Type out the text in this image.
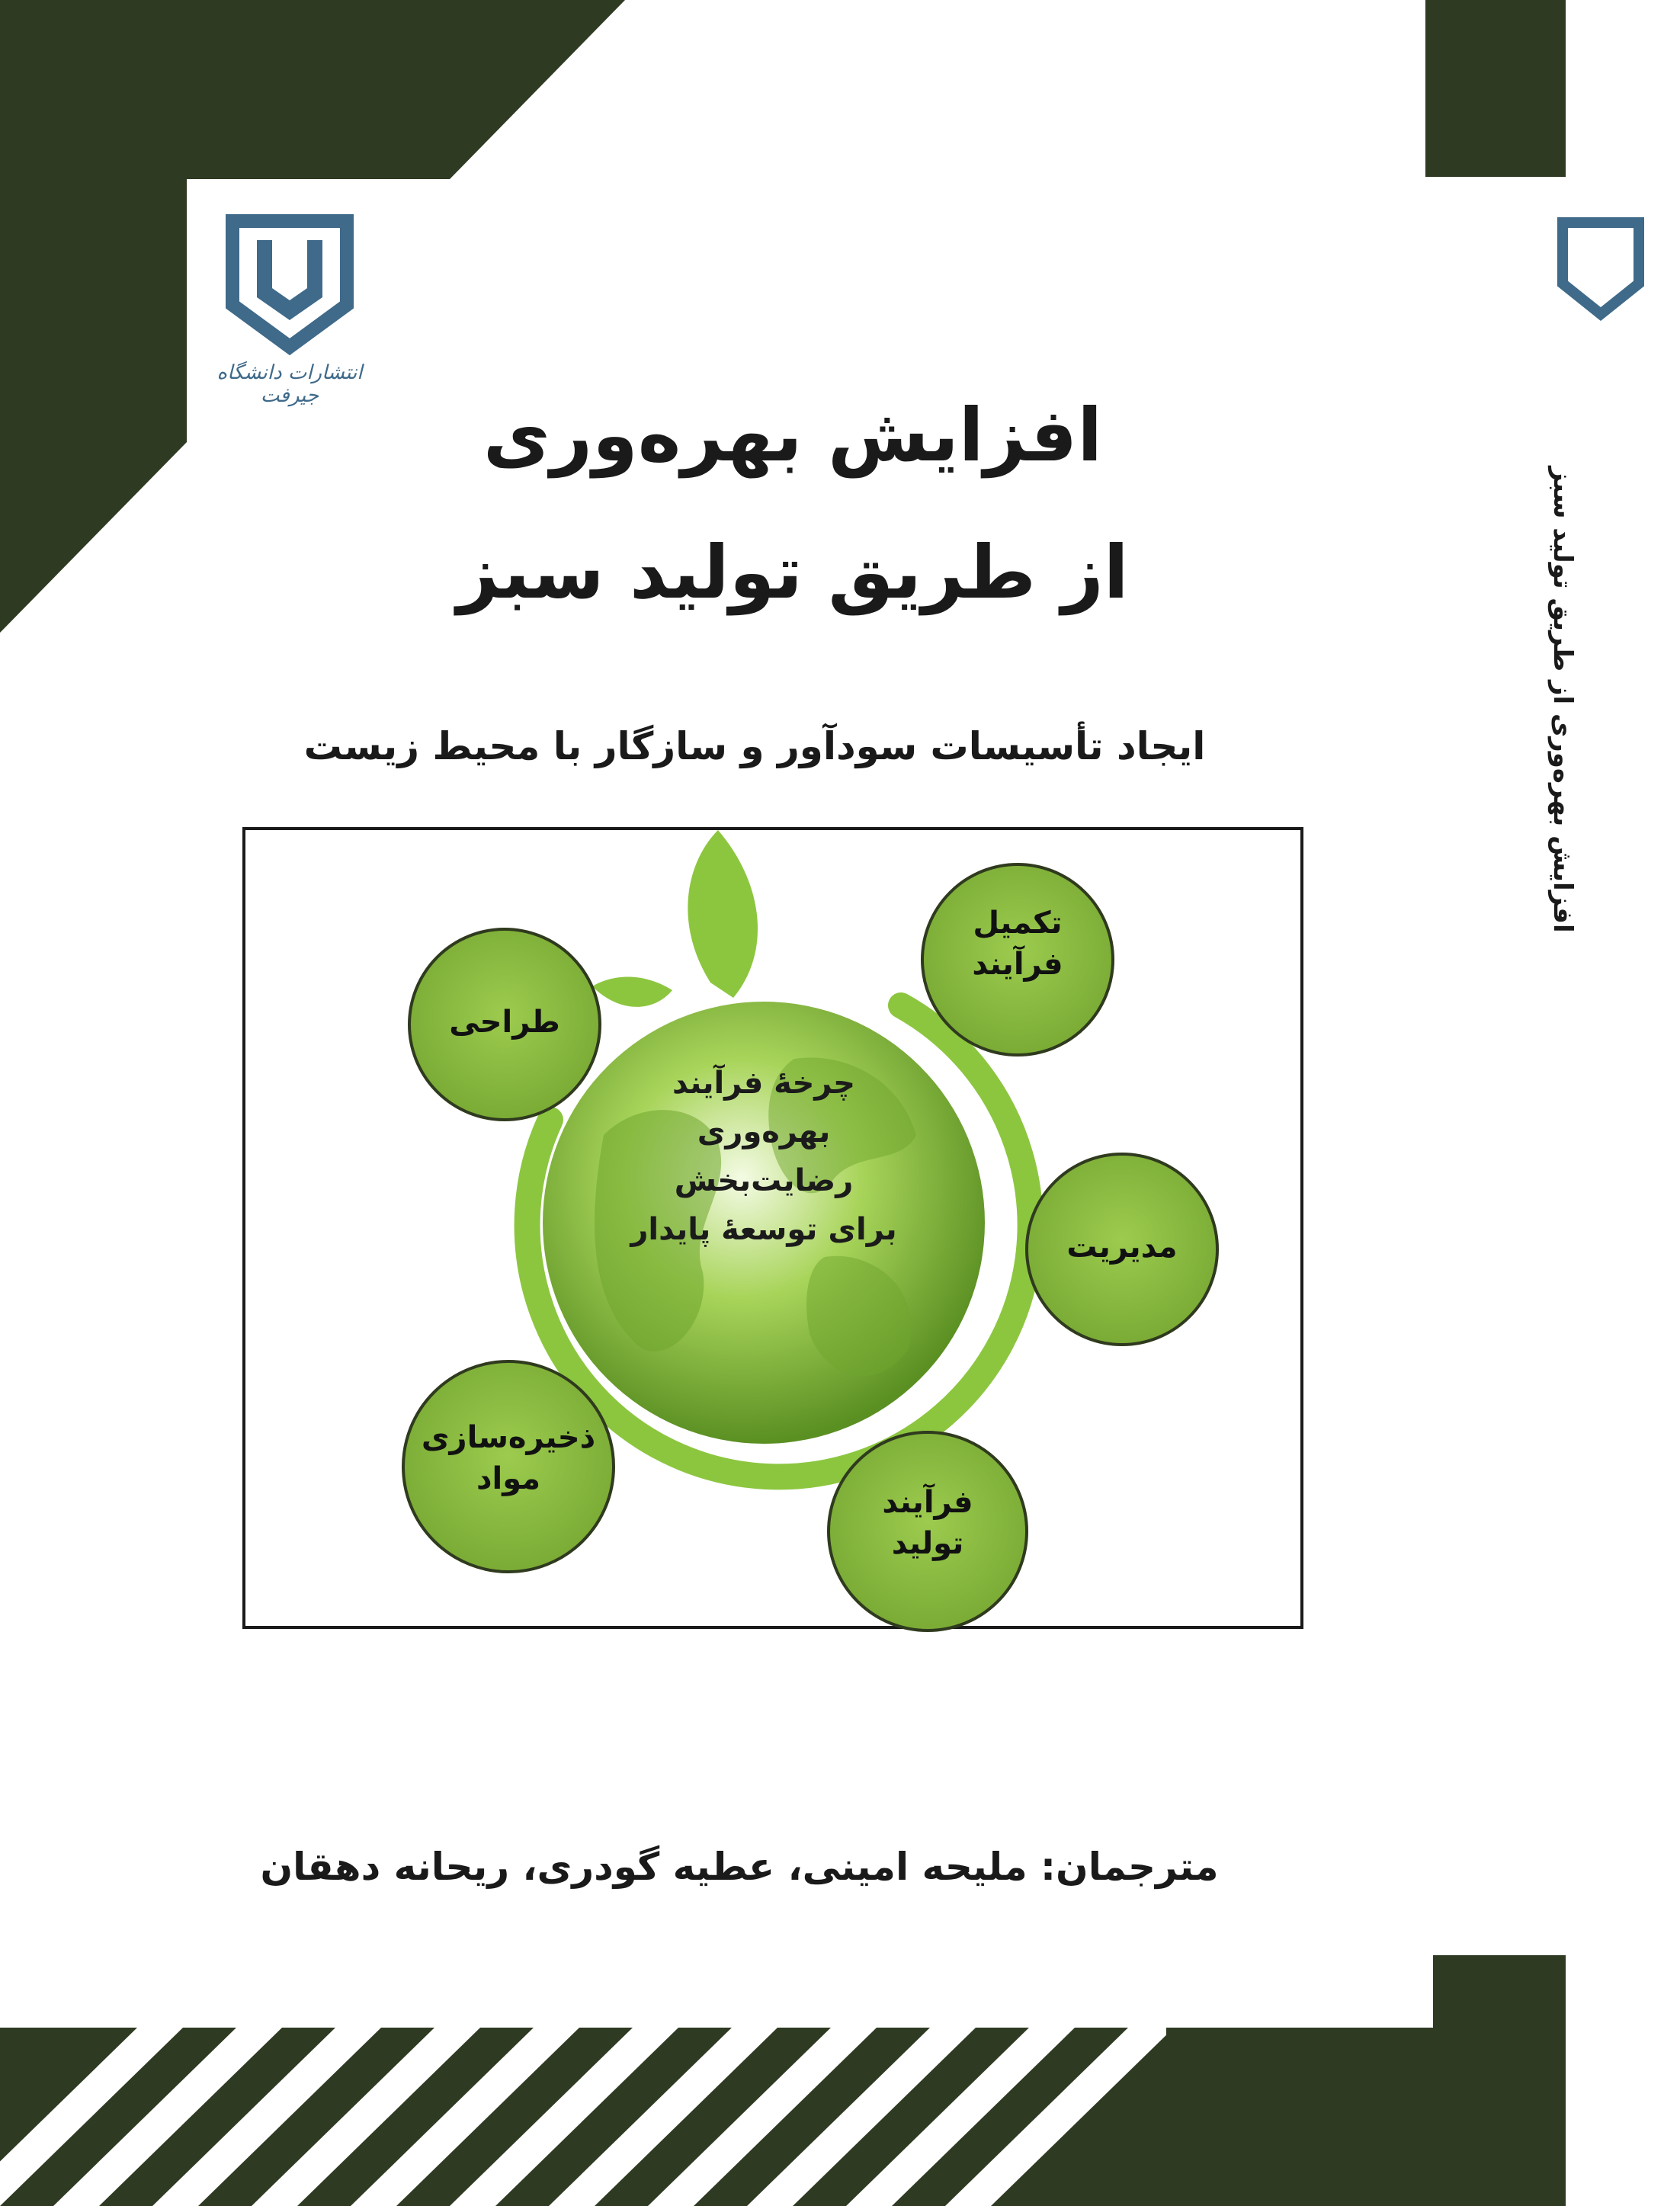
انتشارات دانشگاه جیرفت	افزایش بهره‌وری
از طریق تولید سبز
ایجاد تأسیسات سودآور و سازگار با محیط زیست
چرخهٔ فرآیند
بهره‌وری
رضایت‌بخش
برای توسعهٔ پایدار
تکمیل
فرآیند
طراحی
مدیریت
ذخیره‌سازی
مواد
فرآیند
تولید
مترجمان: ملیحه امینی، عطیه گودری، ریحانه دهقان
افزایش بهره‌وری از طریق تولید سبز
